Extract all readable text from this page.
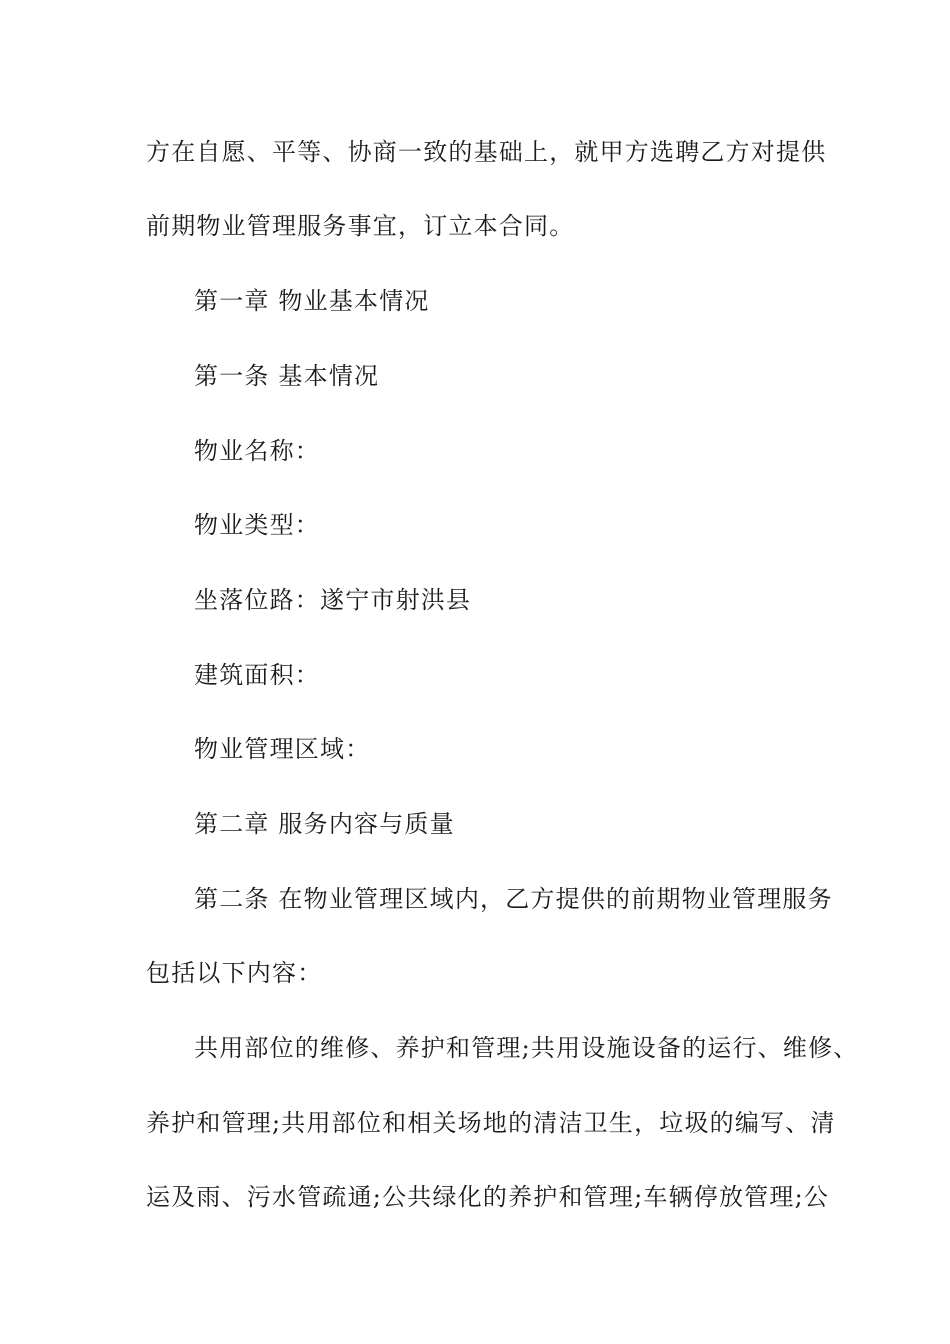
方在自愿、平等、协商一致的基础上，就甲方选聘乙方对提供
前期物业管理服务事宜，订立本合同。
第一章 物业基本情况
第一条 基本情况
物业名称：
物业类型：
坐落位路：遂宁市射洪县
建筑面积：
物业管理区域：
第二章 服务内容与质量
第二条 在物业管理区域内，乙方提供的前期物业管理服务
包括以下内容：
共用部位的维修、养护和管理;共用设施设备的运行、维修、
养护和管理;共用部位和相关场地的清洁卫生，垃圾的编写、清
运及雨、污水管疏通;公共绿化的养护和管理;车辆停放管理;公
